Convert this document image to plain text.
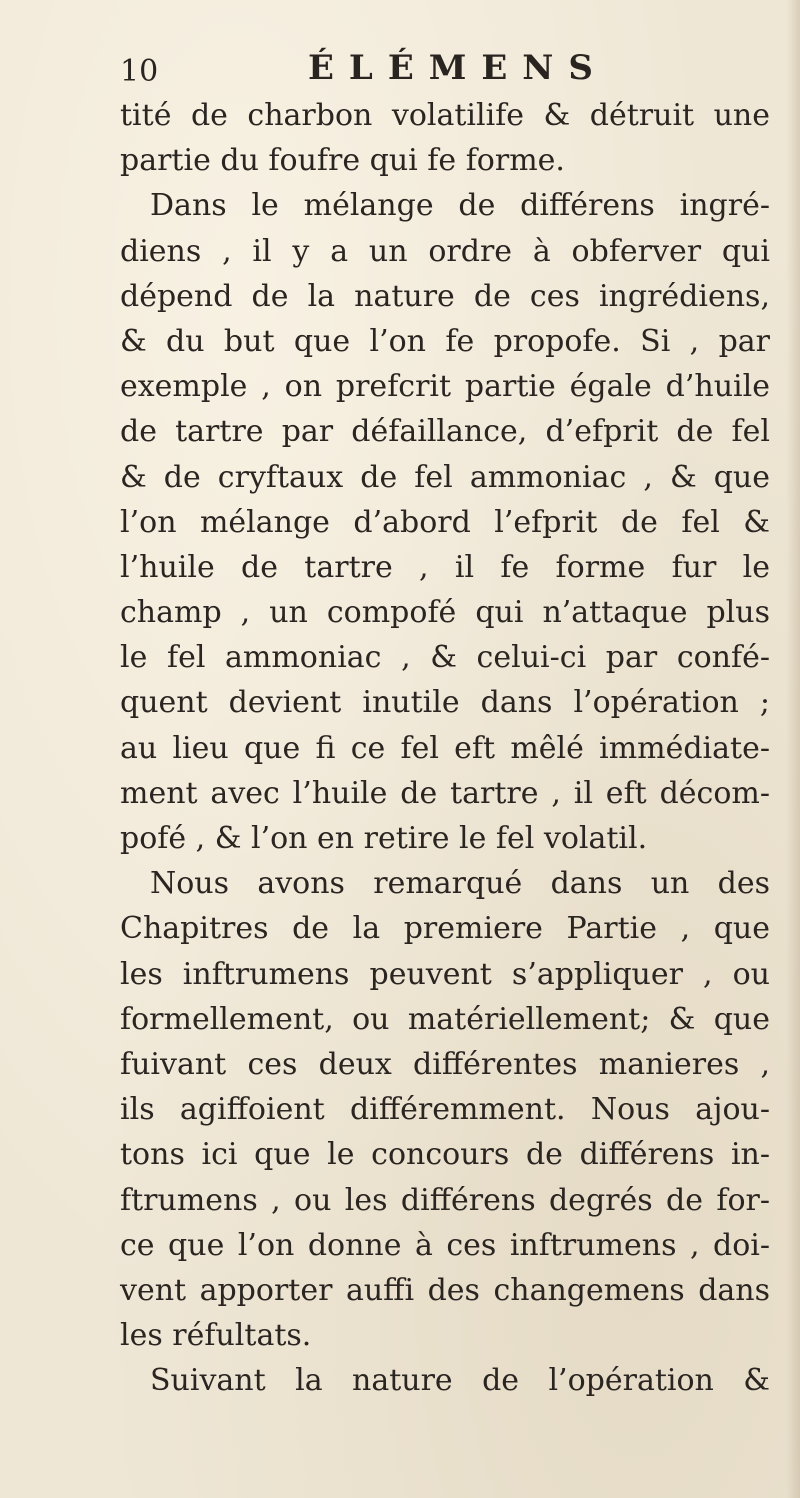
10	ÉLÉMENS
tité de charbon volatilife & détruit une
partie du foufre qui fe forme.
Dans le mélange de différens ingré-
diens , il y a un ordre à obferver qui
dépend de la nature de ces ingrédiens,
& du but que l’on fe propofe. Si , par
exemple , on prefcrit partie égale d’huile
de tartre par défaillance, d’efprit de fel
& de cryftaux de fel ammoniac , & que
l’on mélange d’abord l’efprit de fel &
l’huile de tartre , il fe forme fur le
champ , un compofé qui n’attaque plus
le fel ammoniac , & celui-ci par confé-
quent devient inutile dans l’opération ;
au lieu que fi ce fel eft mêlé immédiate-
ment avec l’huile de tartre , il eft décom-
pofé , & l’on en retire le fel volatil.
Nous avons remarqué dans un des
Chapitres de la premiere Partie , que
les inftrumens peuvent s’appliquer , ou
formellement, ou matériellement; & que
fuivant ces deux différentes manieres ,
ils agiffoient différemment. Nous ajou-
tons ici que le concours de différens in-
ftrumens , ou les différens degrés de for-
ce que l’on donne à ces inftrumens , doi-
vent apporter auffi des changemens dans
les réfultats.
Suivant la nature de l’opération &
